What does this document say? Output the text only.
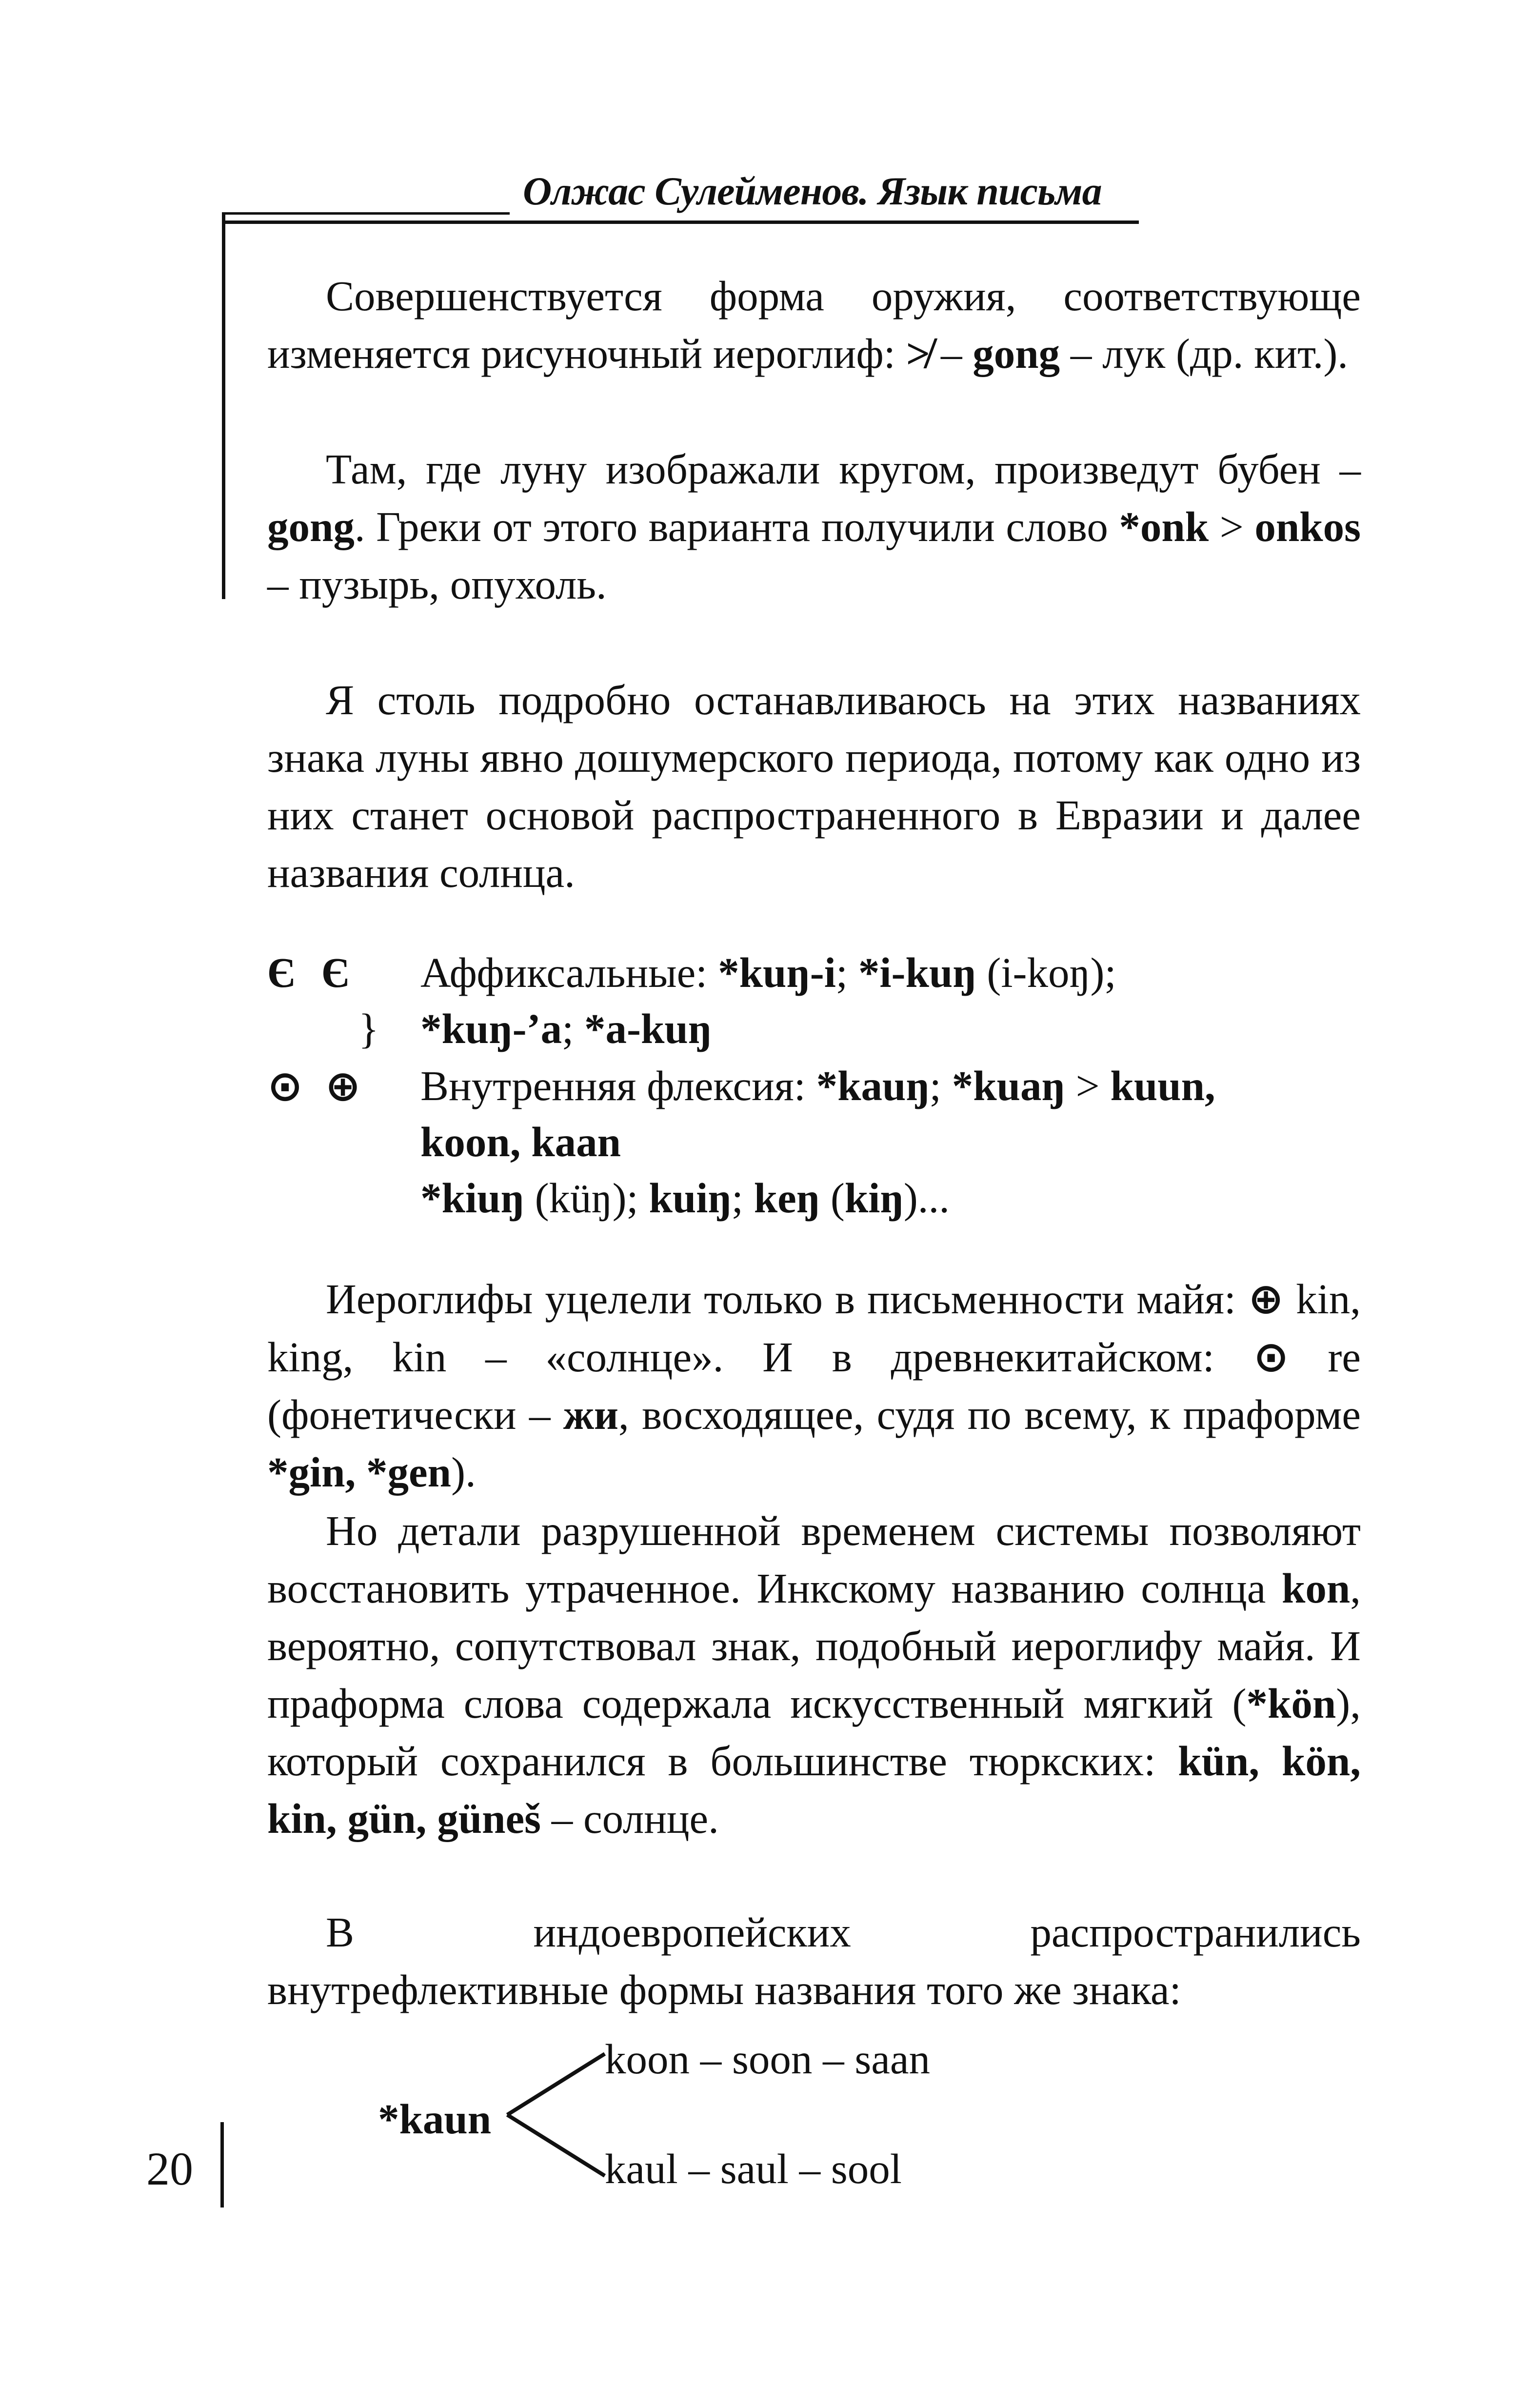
Олжас Сулейменов. Язык письма
Совершенствуется форма оружия, соответствующе изменяется рисуночный иероглиф: ≯ – gong – лук (др. кит.).
Там, где луну изображали кругом, произведут бубен – gong. Греки от этого варианта получили слово *onk > onkos – пузырь, опухоль.
Я столь подробно останавливаюсь на этих названиях знака луны явно дошумерского периода, потому как одно из них станет основой распространенного в Евразии и далее названия солнца.
Э Э Аффиксальные: *kuŋ-i; *i-kuŋ (i-koŋ);
} *kuŋ-’a; *a-kuŋ
⊙ ⊕ Внутренняя флексия: *kauŋ; *kuaŋ > kuun,
koon, kaan
*kiuŋ (küŋ); kuiŋ; keŋ (kiŋ)...
Иероглифы уцелели только в письменности майя: ⊕ kin, king, kin – «солнце». И в древнекитайском: ⊙ re (фонетически – жи, восходящее, судя по всему, к праформе *gin, *gen).
Но детали разрушенной временем системы позволяют восстановить утраченное. Инкскому названию солнца kon, вероятно, сопутствовал знак, подобный иероглифу майя. И праформа слова содержала искусственный мягкий (*kön), который сохранился в большинстве тюркских: kün, kön, kin, gün, güneš – солнце.
В индоевропейских распространились внутрефлективные формы названия того же знака:
*kaun
koon – soon – saan
kaul – saul – sool
20
